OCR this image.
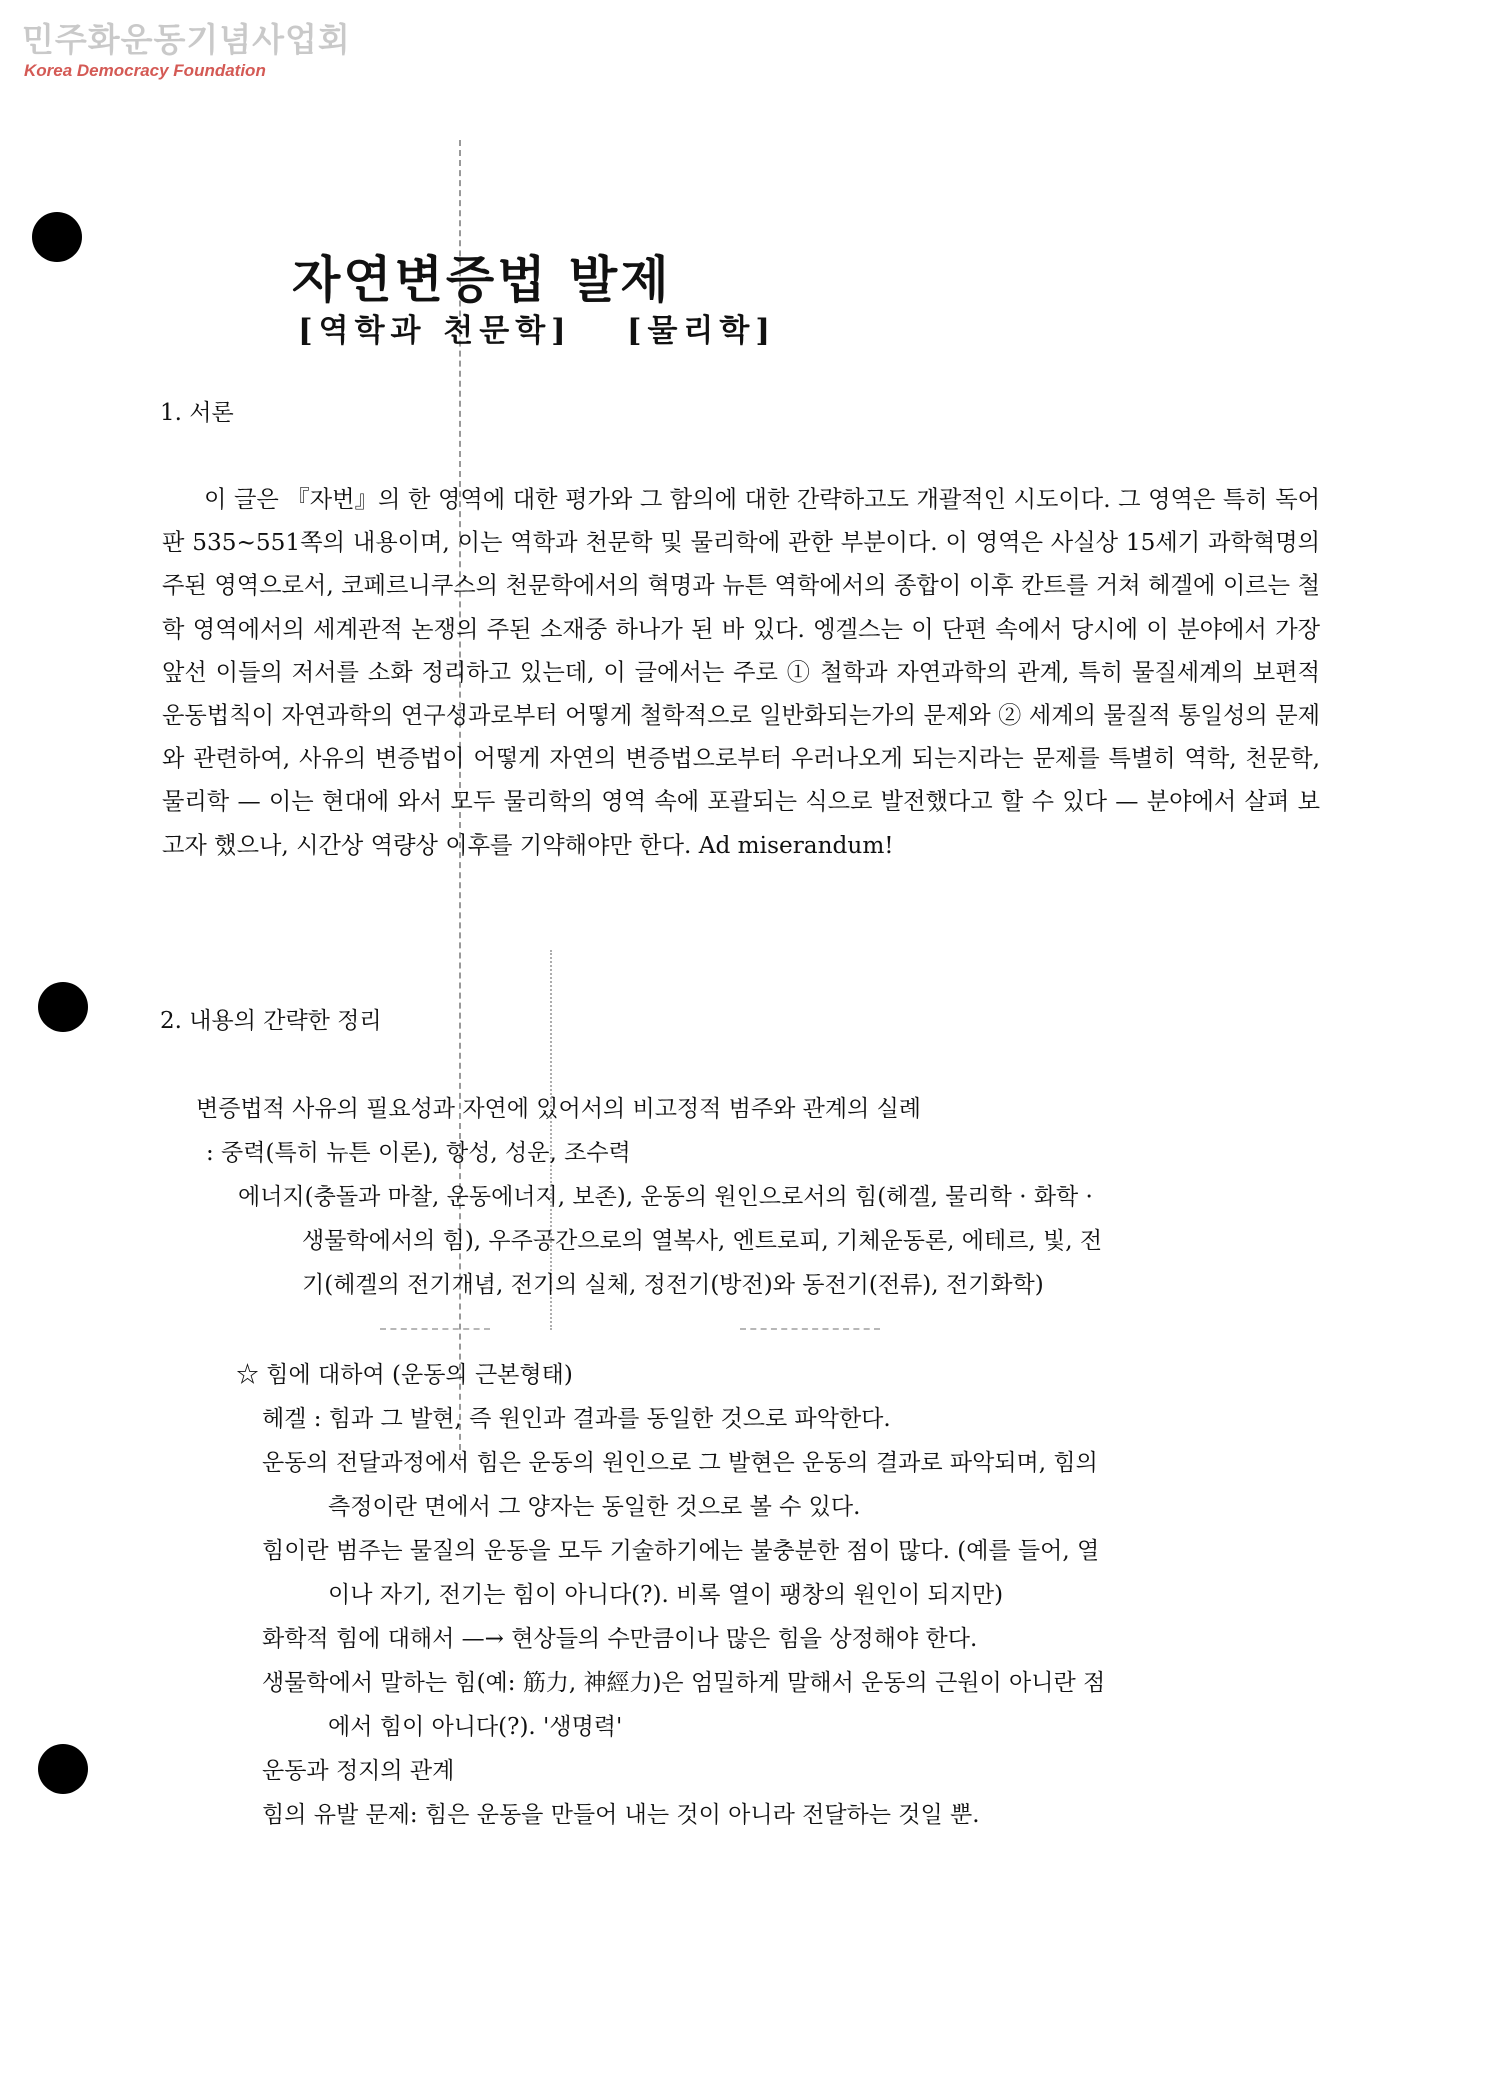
민주화운동기념사업회
Korea Democracy Foundation
자연변증법 발제
[역학과 천문학] [물리학]
1. 서론

이 글은 『자번』의 한 영역에 대한 평가와 그 함의에 대한 간략하고도 개괄적인 시도이다. 그 영역은 특히 독어판 535~551쪽의 내용이며, 이는 역학과 천문학 및 물리학에 관한 부분이다. 이 영역은 사실상 15세기 과학혁명의 주된 영역으로서, 코페르니쿠스의 천문학에서의 혁명과 뉴튼 역학에서의 종합이 이후 칸트를 거쳐 헤겔에 이르는 철학 영역에서의 세계관적 논쟁의 주된 소재중 하나가 된 바 있다. 엥겔스는 이 단편 속에서 당시에 이 분야에서 가장 앞선 이들의 저서를 소화 정리하고 있는데, 이 글에서는 주로 ① 철학과 자연과학의 관계, 특히 물질세계의 보편적 운동법칙이 자연과학의 연구성과로부터 어떻게 철학적으로 일반화되는가의 문제와 ② 세계의 물질적 통일성의 문제와 관련하여, 사유의 변증법이 어떻게 자연의 변증법으로부터 우러나오게 되는지라는 문제를 특별히 역학, 천문학, 물리학 — 이는 현대에 와서 모두 물리학의 영역 속에 포괄되는 식으로 발전했다고 할 수 있다 — 분야에서 살펴 보고자 했으나, 시간상 역량상 이후를 기약해야만 한다. Ad miserandum!

2. 내용의 간략한 정리
변증법적 사유의 필요성과 자연에 있어서의 비고정적 범주와 관계의 실례
: 중력(특히 뉴튼 이론), 항성, 성운, 조수력
에너지(충돌과 마찰, 운동에너지, 보존), 운동의 원인으로서의 힘(헤겔, 물리학 · 화학 ·
생물학에서의 힘), 우주공간으로의 열복사, 엔트로피, 기체운동론, 에테르, 빛, 전
기(헤겔의 전기개념, 전기의 실체, 정전기(방전)와 동전기(전류), 전기화학)
☆ 힘에 대하여 (운동의 근본형태)
헤겔 : 힘과 그 발현, 즉 원인과 결과를 동일한 것으로 파악한다.
운동의 전달과정에서 힘은 운동의 원인으로 그 발현은 운동의 결과로 파악되며, 힘의
측정이란 면에서 그 양자는 동일한 것으로 볼 수 있다.
힘이란 범주는 물질의 운동을 모두 기술하기에는 불충분한 점이 많다. (예를 들어, 열
이나 자기, 전기는 힘이 아니다(?). 비록 열이 팽창의 원인이 되지만)
화학적 힘에 대해서 —→ 현상들의 수만큼이나 많은 힘을 상정해야 한다.
생물학에서 말하는 힘(예: 筋力, 神經力)은 엄밀하게 말해서 운동의 근원이 아니란 점
에서 힘이 아니다(?). '생명력'
운동과 정지의 관계
힘의 유발 문제: 힘은 운동을 만들어 내는 것이 아니라 전달하는 것일 뿐.
